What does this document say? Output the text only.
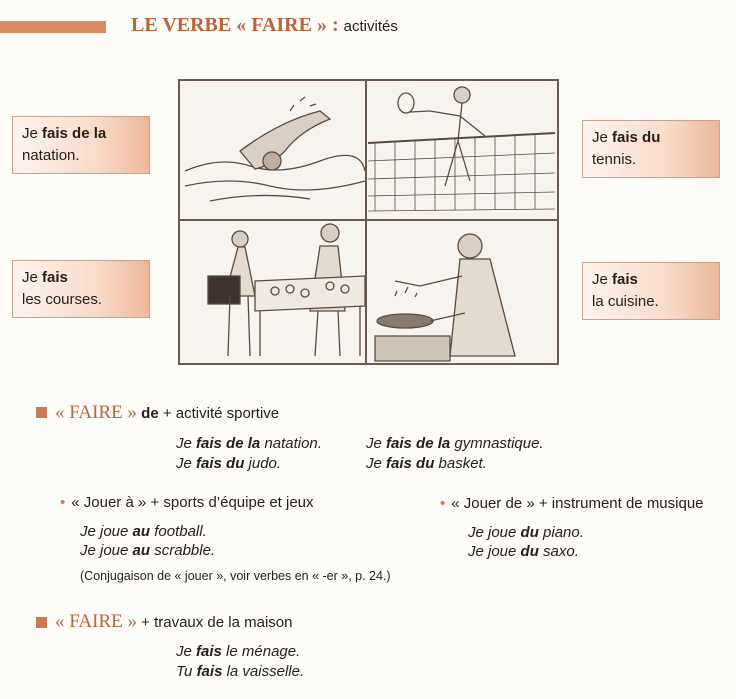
LE VERBE « FAIRE » : activités
Je fais de la
natation.
Je fais du
tennis.
Je fais
les courses.
Je fais
la cuisine.
« FAIRE » de + activité sportive
Je fais de la natation.	Je fais de la gymnastique.
Je fais du judo.	Je fais du basket.
• « Jouer à » + sports d’équipe et jeux
Je joue au football.
Je joue au scrabble.
(Conjugaison de « jouer », voir verbes en « -er », p. 24.)
• « Jouer de » + instrument de musique
Je joue du piano.
Je joue du saxo.
« FAIRE » + travaux de la maison
Je fais le ménage.
Tu fais la vaisselle.
